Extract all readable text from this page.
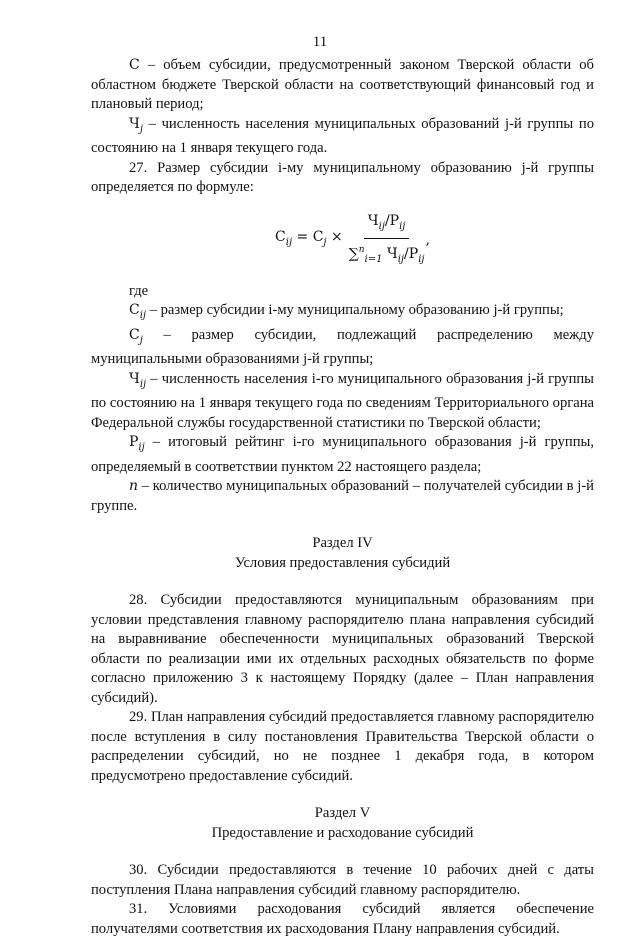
11

С – объем субсидии, предусмотренный законом Тверской области об областном бюджете Тверской области на соответствующий финансовый год и плановый период;

$Ч_j$ – численность населения муниципальных образований j-й группы по состоянию на 1 января текущего года.

27. Размер субсидии i-му муниципальному образованию j-й группы определяется по формуле:

$С_{ij} = С_j \times \frac{Ч_{ij}/Р_{ij}}{\sum^n_{i=1} Ч_{ij}/Р_{ij}}$ ,

где

$С_{ij}$ – размер субсидии i-му муниципальному образованию j-й группы;

$С_j$ – размер субсидии, подлежащий распределению между муниципальными образованиями j-й группы;

$Ч_{ij}$ – численность населения i-го муниципального образования j-й группы по состоянию на 1 января текущего года по сведениям Территориального органа Федеральной службы государственной статистики по Тверской области;

$Р_{ij}$ – итоговый рейтинг i-го муниципального образования j-й группы, определяемый в соответствии пунктом 22 настоящего раздела;

n – количество муниципальных образований – получателей субсидии в j-й группе.

Раздел IV

Условия предоставления субсидий

28. Субсидии предоставляются муниципальным образованиям при условии представления главному распорядителю плана направления субсидий на выравнивание обеспеченности муниципальных образований Тверской области по реализации ими их отдельных расходных обязательств по форме согласно приложению 3 к настоящему Порядку (далее – План направления субсидий).

29. План направления субсидий предоставляется главному распорядителю после вступления в силу постановления Правительства Тверской области о распределении субсидий, но не позднее 1 декабря года, в котором предусмотрено предоставление субсидий.

Раздел V

Предоставление и расходование субсидий

30. Субсидии предоставляются в течение 10 рабочих дней с даты поступления Плана направления субсидий главному распорядителю.

31. Условиями расходования субсидий является обеспечение получателями соответствия их расходования Плану направления субсидий.
